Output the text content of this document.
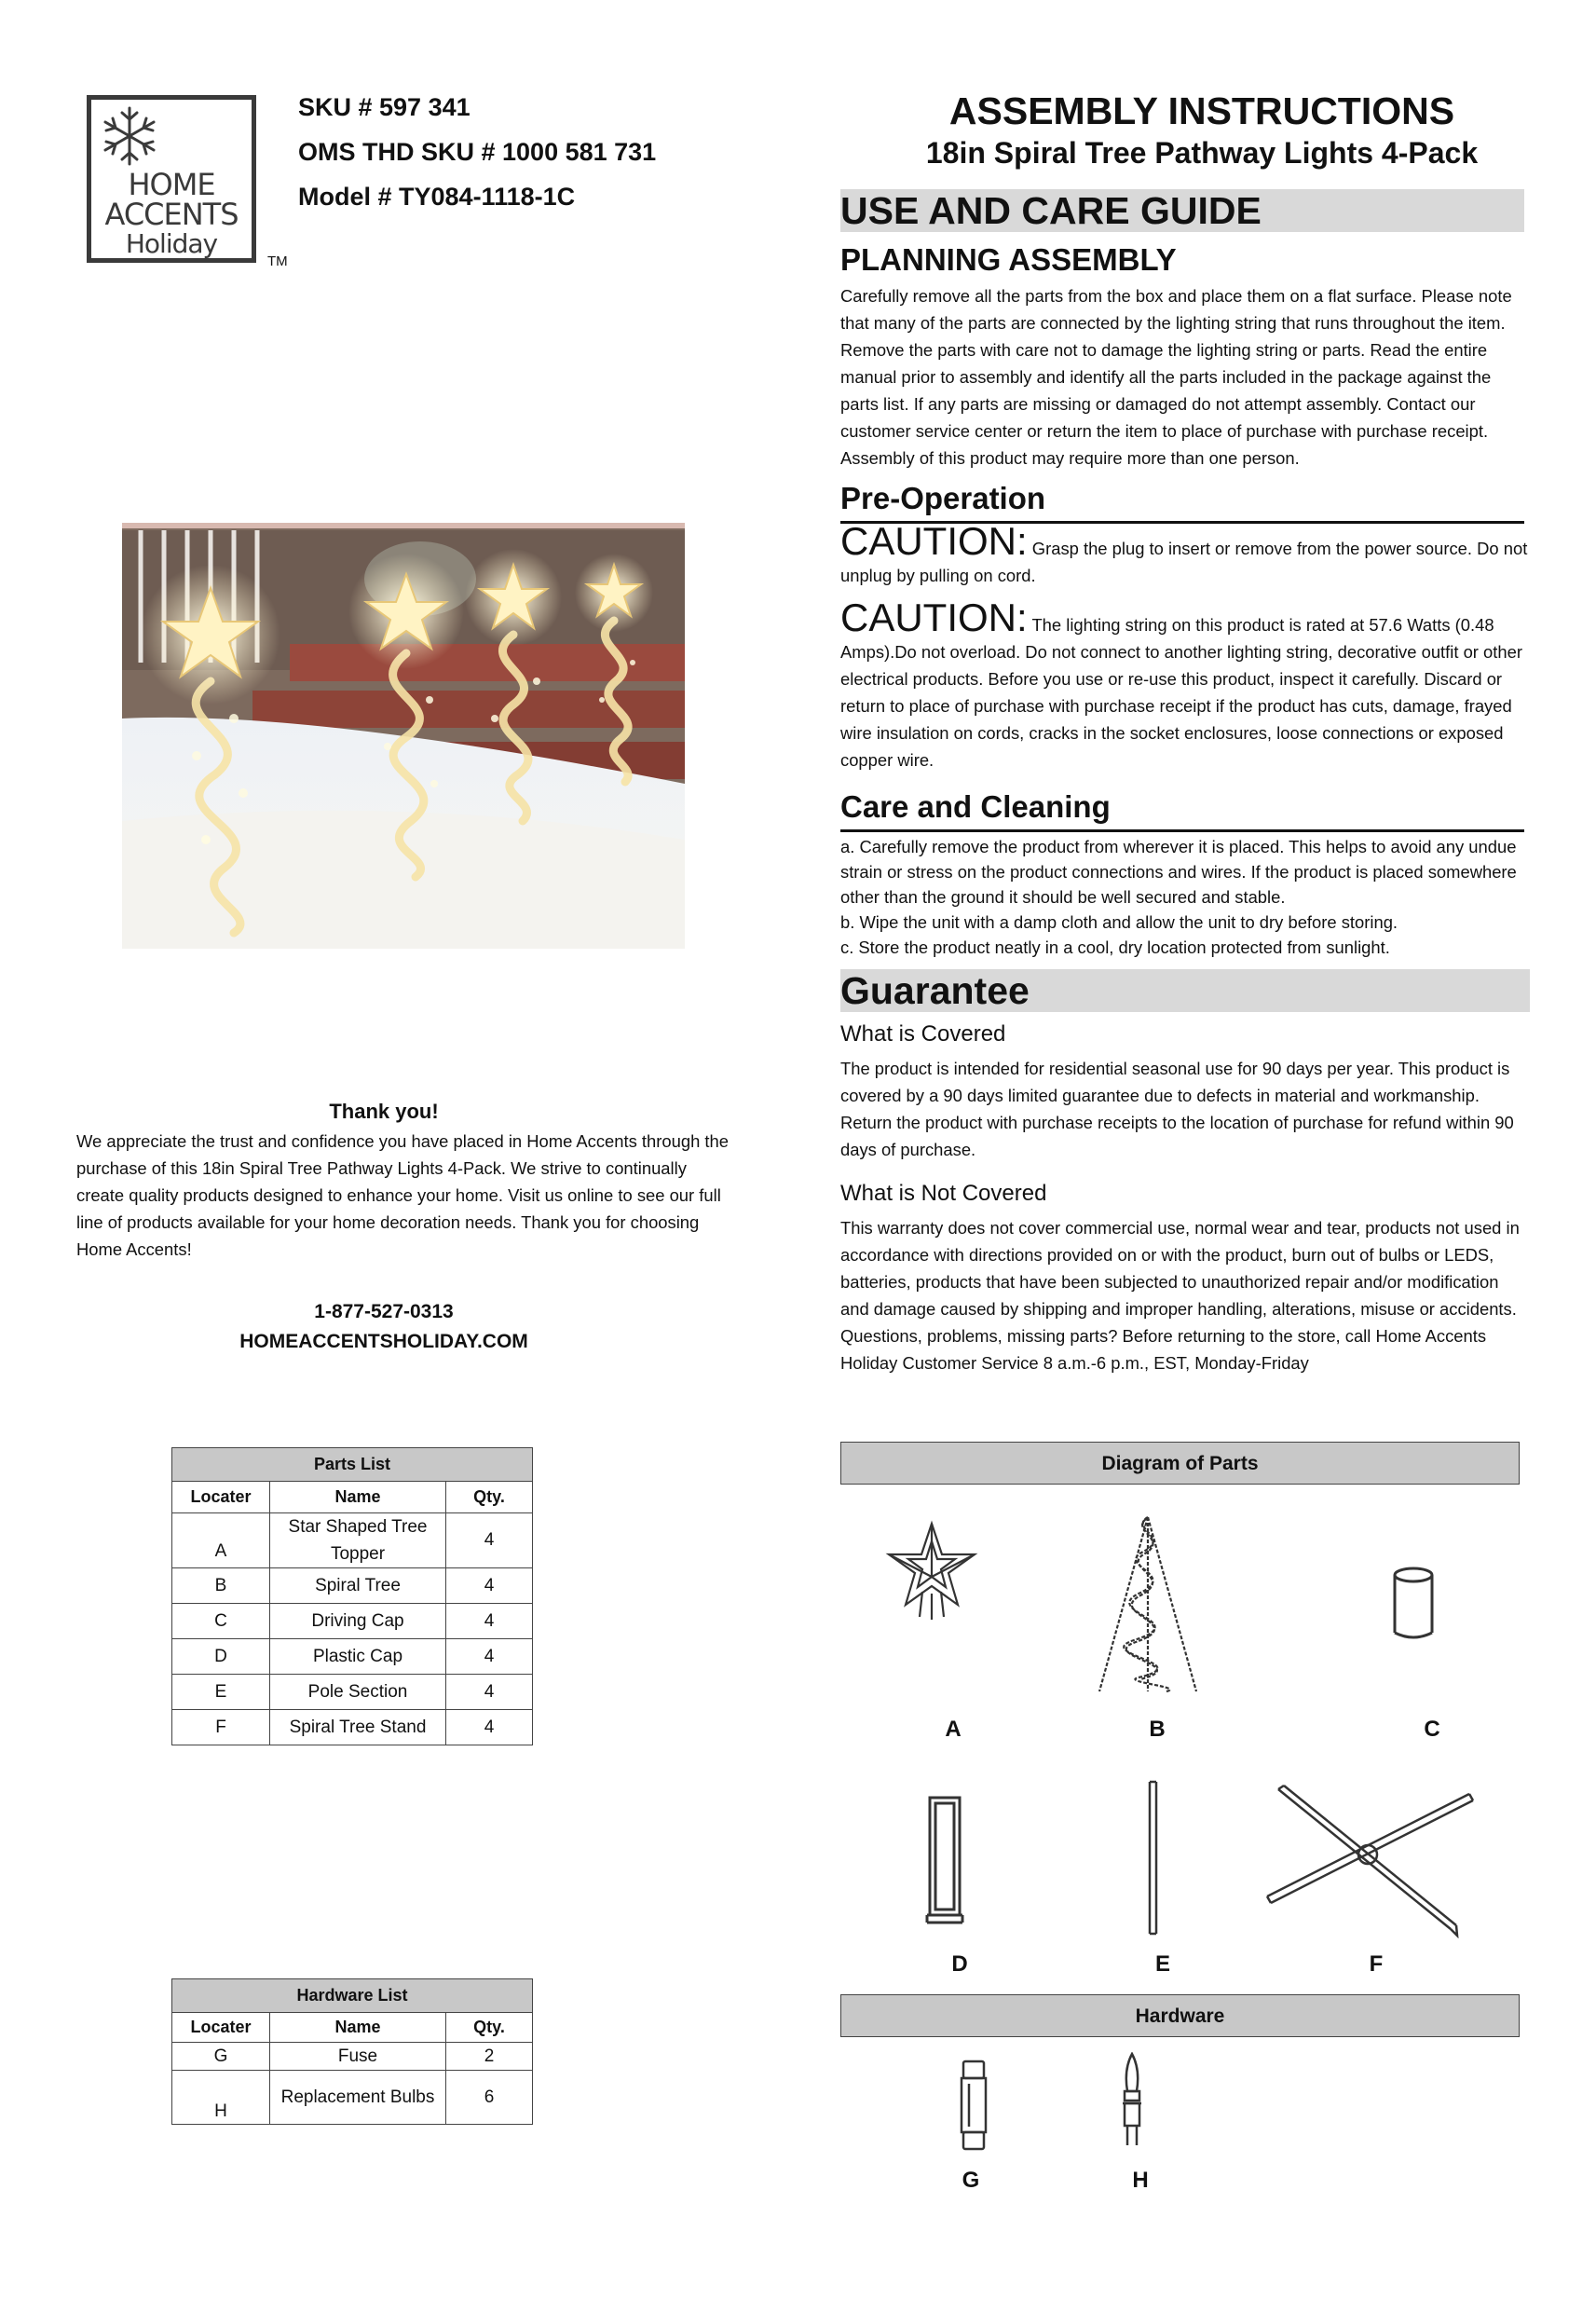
HOME
ACCENTS
Holiday
TM
SKU # 597 341
OMS THD SKU # 1000 581 731
Model # TY084-1118-1C
ASSEMBLY INSTRUCTIONS
18in Spiral Tree Pathway Lights 4-Pack
USE AND CARE GUIDE
PLANNING ASSEMBLY
Carefully remove all the parts from the box and place them on a flat surface. Please note that many of the parts are connected by the lighting string that runs throughout the item. Remove the parts with care not to damage the lighting string or parts. Read the entire manual prior to assembly and identify all the parts included in the package against the parts list. If any parts are missing or damaged do not attempt assembly. Contact our customer service center or return the item to place of purchase with purchase receipt. Assembly of this product may require more than one person.
Pre-Operation
CAUTION: Grasp the plug to insert or remove from the power source. Do not unplug by pulling on cord.
CAUTION: The lighting string on this product is rated at 57.6 Watts (0.48 Amps).Do not overload. Do not connect to another lighting string, decorative outfit or other electrical products. Before you use or re-use this product, inspect it carefully. Discard or return to place of purchase with purchase receipt if the product has cuts, damage, frayed wire insulation on cords, cracks in the socket enclosures, loose connections or exposed copper wire.
Care and Cleaning
a. Carefully remove the product from wherever it is placed. This helps to avoid any undue strain or stress on the product connections and wires. If the product is placed somewhere other than the ground it should be well secured and stable.
b. Wipe the unit with a damp cloth and allow the unit to dry before storing.
c. Store the product neatly in a cool, dry location protected from sunlight.
Guarantee
What is Covered
The product is intended for residential seasonal use for 90 days per year. This product is covered by a 90 days limited guarantee due to defects in material and workmanship. Return the product with purchase receipts to the location of purchase for refund within 90 days of purchase.
What is Not Covered
This warranty does not cover commercial use, normal wear and tear, products not used in accordance with directions provided on or with the product, burn out of bulbs or LEDS, batteries, products that have been subjected to unauthorized repair and/or modification and damage caused by shipping and improper handling, alterations, misuse or accidents. Questions, problems, missing parts? Before returning to the store, call Home Accents Holiday Customer Service 8 a.m.-6 p.m., EST, Monday-Friday
Thank you!
We appreciate the trust and confidence you have placed in Home Accents through the purchase of this 18in Spiral Tree Pathway Lights 4-Pack. We strive to continually create quality products designed to enhance your home. Visit us online to see our full line of products available for your home decoration needs. Thank you for choosing Home Accents!
1-877-527-0313
HOMEACCENTSHOLIDAY.COM
Parts List		
Locater	Name	Qty.
A	Star Shaped Tree Topper	4
B	Spiral Tree	4
C	Driving Cap	4
D	Plastic Cap	4
E	Pole Section	4
F	Spiral Tree Stand	4
Hardware List		
Locater	Name	Qty.
G	Fuse	2
H	Replacement Bulbs	6
Diagram of Parts
A	B	C
D	E	F
Hardware
G	H
